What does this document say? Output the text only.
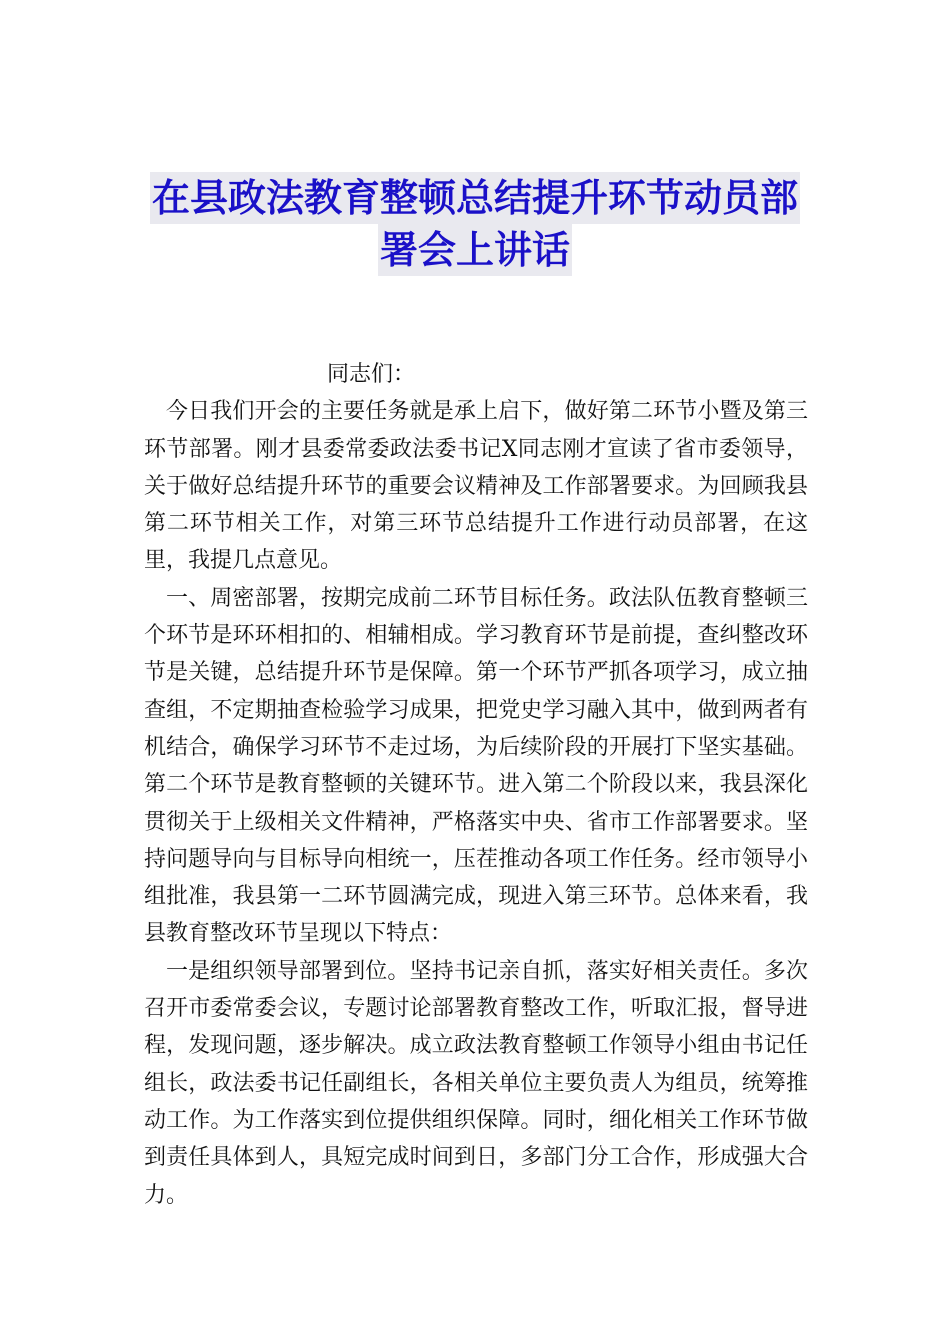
在县政法教育整顿总结提升环节动员部
署会上讲话
同志们：

今日我们开会的主要任务就是承上启下，做好第二环节小暨及第三环节部署。刚才县委常委政法委书记X同志刚才宣读了省市委领导，关于做好总结提升环节的重要会议精神及工作部署要求。为回顾我县第二环节相关工作，对第三环节总结提升工作进行动员部署，在这里，我提几点意见。

一、周密部署，按期完成前二环节目标任务。政法队伍教育整顿三个环节是环环相扣的、相辅相成。学习教育环节是前提，查纠整改环节是关键，总结提升环节是保障。第一个环节严抓各项学习，成立抽查组，不定期抽查检验学习成果，把党史学习融入其中，做到两者有机结合，确保学习环节不走过场，为后续阶段的开展打下坚实基础。第二个环节是教育整顿的关键环节。进入第二个阶段以来，我县深化贯彻关于上级相关文件精神，严格落实中央、省市工作部署要求。坚持问题导向与目标导向相统一，压茬推动各项工作任务。经市领导小组批准，我县第一二环节圆满完成，现进入第三环节。总体来看，我县教育整改环节呈现以下特点：

一是组织领导部署到位。坚持书记亲自抓，落实好相关责任。多次召开市委常委会议，专题讨论部署教育整改工作，听取汇报，督导进程，发现问题，逐步解决。成立政法教育整顿工作领导小组由书记任组长，政法委书记任副组长，各相关单位主要负责人为组员，统筹推动工作。为工作落实到位提供组织保障。同时，细化相关工作环节做到责任具体到人，具短完成时间到日，多部门分工合作，形成强大合力。
